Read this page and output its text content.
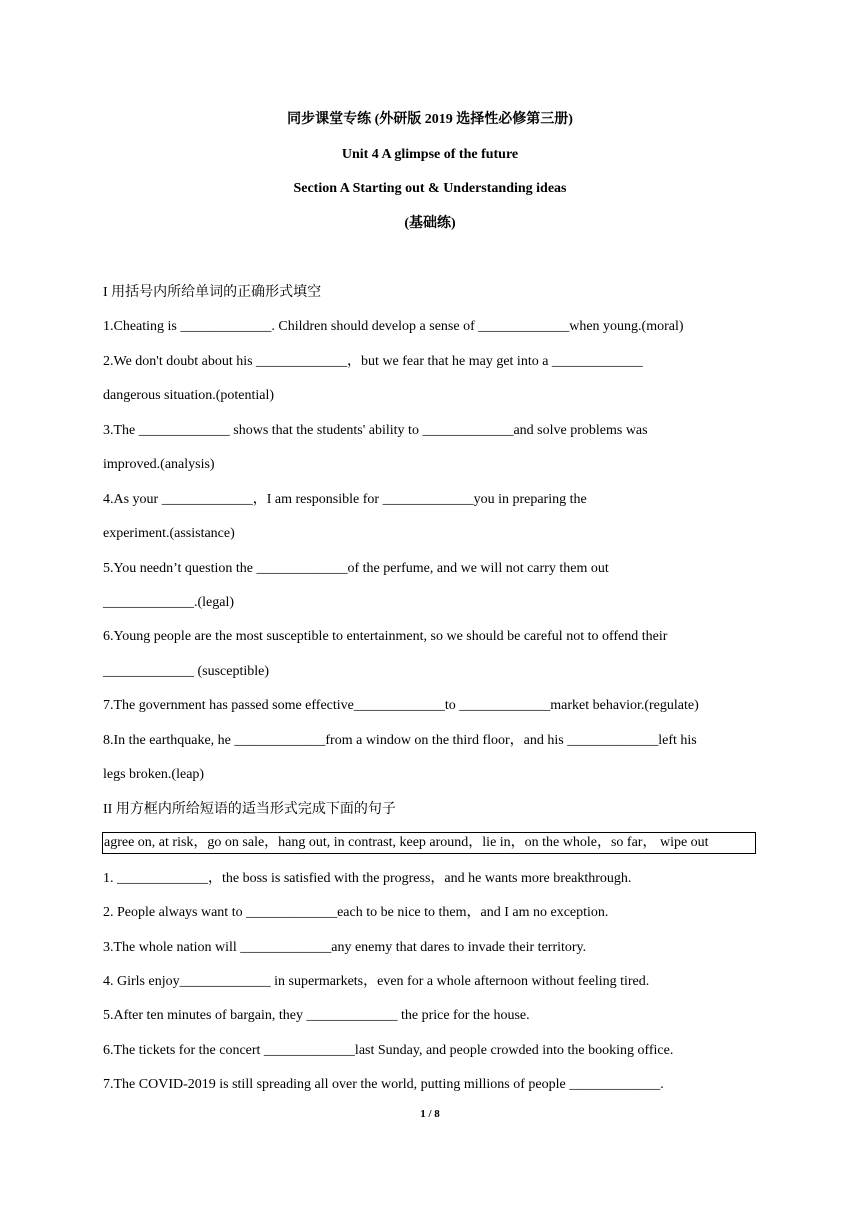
同步课堂专练 (外研版 2019 选择性必修第三册)
Unit 4 A glimpse of the future
Section A Starting out & Understanding ideas
(基础练)
I 用括号内所给单词的正确形式填空
1.Cheating is _____________. Children should develop a sense of _____________when young.(moral)
2.We don't doubt about his _____________，but we fear that he may get into a _____________
dangerous situation.(potential)
3.The _____________ shows that the students' ability to _____________and solve problems was
improved.(analysis)
4.As your _____________，I am responsible for _____________you in preparing the
experiment.(assistance)
5.You needn’t question the _____________of the perfume, and we will not carry them out
_____________.(legal)
6.Young people are the most susceptible to entertainment, so we should be careful not to offend their
_____________ (susceptible)
7.The government has passed some effective_____________to _____________market behavior.(regulate)
8.In the earthquake, he _____________from a window on the third floor，and his _____________left his
legs broken.(leap)
II 用方框内所给短语的适当形式完成下面的句子
agree on, at risk，go on sale，hang out, in contrast, keep around，lie in，on the whole，so far， wipe out
1. _____________，the boss is satisfied with the progress，and he wants more breakthrough.
2. People always want to _____________each to be nice to them，and I am no exception.
3.The whole nation will _____________any enemy that dares to invade their territory.
4. Girls enjoy_____________ in supermarkets，even for a whole afternoon without feeling tired.
5.After ten minutes of bargain, they _____________ the price for the house.
6.The tickets for the concert _____________last Sunday, and people crowded into the booking office.
7.The COVID-2019 is still spreading all over the world, putting millions of people _____________.
1 / 8
